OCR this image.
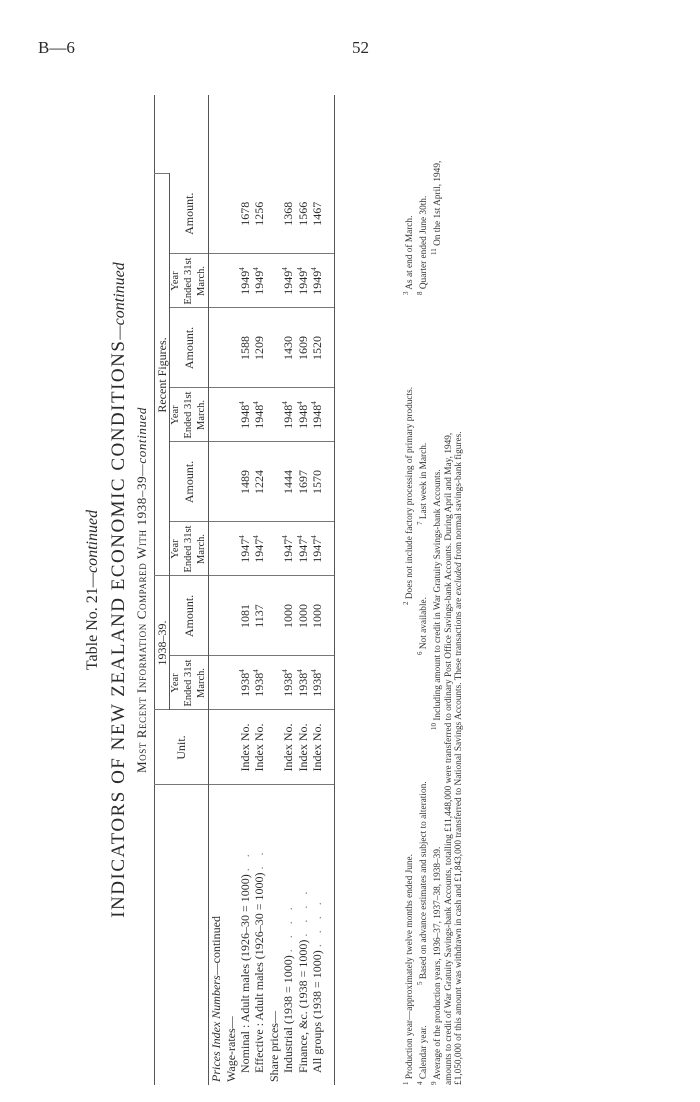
B—6	52
Table No. 21—continued INDICATORS OF NEW ZEALAND ECONOMIC CONDITIONS—continued
Most Recent Information Compared With 1938–39—continued
	Unit.	1938–39.		Recent Figures.						
		Year Ended 31st March.	Amount.	Year Ended 31st March.	Amount.	Year Ended 31st March.	Amount.	Year Ended 31st March.	Amount.	
Prices Index Numbers—continued										
Wage-rates—										
Nominal : Adult males (1926–30 = 1000) . .	Index No.	1938$^4$	1081	1947$^4$	1489	1948$^4$	1588	1949$^4$	1678	
Effective : Adult males (1926–30 = 1000) . .	Index No.	1938$^4$	1137	1947$^4$	1224	1948$^4$	1209	1949$^4$	1256	
Share prices—										
Industrial (1938 = 1000) . . . .	Index No.	1938$^4$	1000	1947$^4$	1444	1948$^4$	1430	1949$^4$	1368	
Finance, &c. (1938 = 1000) . . . .	Index No.	1938$^4$	1000	1947$^4$	1697	1948$^4$	1609	1949$^4$	1566	
All groups (1938 = 1000) . . . .	Index No.	1938$^4$	1000	1947$^4$	1570	1948$^4$	1520	1949$^4$	1467	

$^1$ Production year—approximately twelve months ended June.$^2$ Does not include factory processing of primary products.$^3$ As at end of March.

$^4$ Calendar year.$^5$ Based on advance estimates and subject to alteration.$^6$ Not available.$^7$ Last week in March.$^8$ Quarter ended June 30th.

$^9$ Average of the production years, 1936–37, 1937–38, 1938–39.10 Including amount to credit in War Gratuity Savings-bank Accounts.$^{11}$ On the 1st April, 1949,

amounts to credit of War Gratuity Savings-bank Accounts, totalling £11,448,000 were transferred to ordinary Post Office Savings-bank Accounts. During April and May, 1949, £1,050,000 of this amount was withdrawn in cash and £1,843,000 transferred to National Savings Accounts. These transactions are excluded from normal savings-bank figures.
